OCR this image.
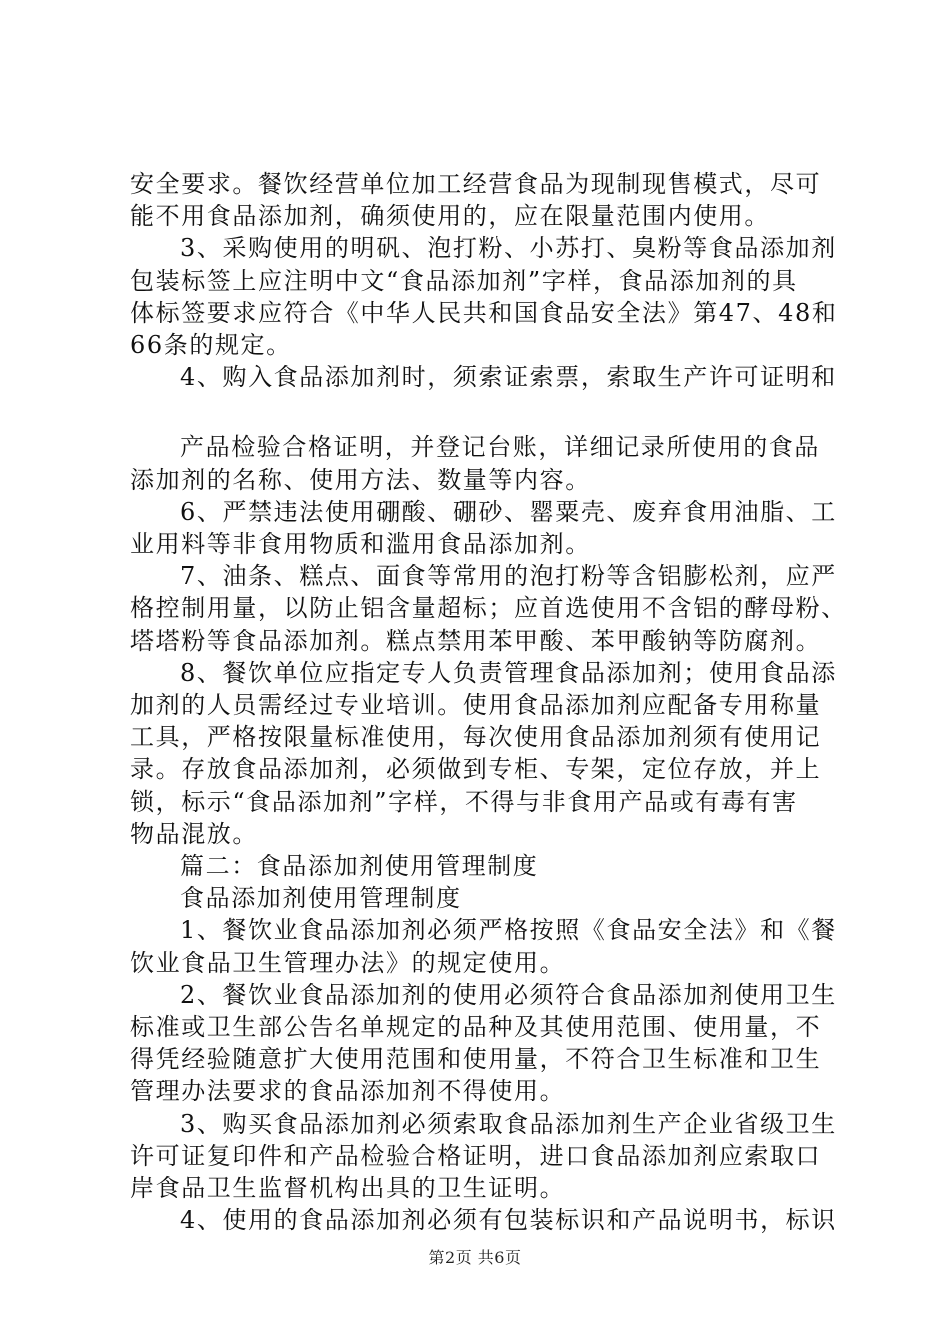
安全要求。餐饮经营单位加工经营食品为现制现售模式，尽可

能不用食品添加剂，确须使用的，应在限量范围内使用。

3、采购使用的明矾、泡打粉、小苏打、臭粉等食品添加剂

包装标签上应注明中文“食品添加剂”字样，食品添加剂的具

体标签要求应符合《中华人民共和国食品安全法》第47、48和

66条的规定。

4、购入食品添加剂时，须索证索票，索取生产许可证明和

产品检验合格证明，并登记台账，详细记录所使用的食品

添加剂的名称、使用方法、数量等内容。

6、严禁违法使用硼酸、硼砂、罂粟壳、废弃食用油脂、工

业用料等非食用物质和滥用食品添加剂。

7、油条、糕点、面食等常用的泡打粉等含铝膨松剂，应严

格控制用量，以防止铝含量超标；应首选使用不含铝的酵母粉、

塔塔粉等食品添加剂。糕点禁用苯甲酸、苯甲酸钠等防腐剂。

8、餐饮单位应指定专人负责管理食品添加剂；使用食品添

加剂的人员需经过专业培训。使用食品添加剂应配备专用称量

工具，严格按限量标准使用，每次使用食品添加剂须有使用记

录。存放食品添加剂，必须做到专柜、专架，定位存放，并上

锁，标示“食品添加剂”字样，不得与非食用产品或有毒有害

物品混放。

篇二：食品添加剂使用管理制度

食品添加剂使用管理制度

1、餐饮业食品添加剂必须严格按照《食品安全法》和《餐

饮业食品卫生管理办法》的规定使用。

2、餐饮业食品添加剂的使用必须符合食品添加剂使用卫生

标准或卫生部公告名单规定的品种及其使用范围、使用量，不

得凭经验随意扩大使用范围和使用量，不符合卫生标准和卫生

管理办法要求的食品添加剂不得使用。

3、购买食品添加剂必须索取食品添加剂生产企业省级卫生

许可证复印件和产品检验合格证明，进口食品添加剂应索取口

岸食品卫生监督机构出具的卫生证明。

4、使用的食品添加剂必须有包装标识和产品说明书，标识

第2页 共6页
